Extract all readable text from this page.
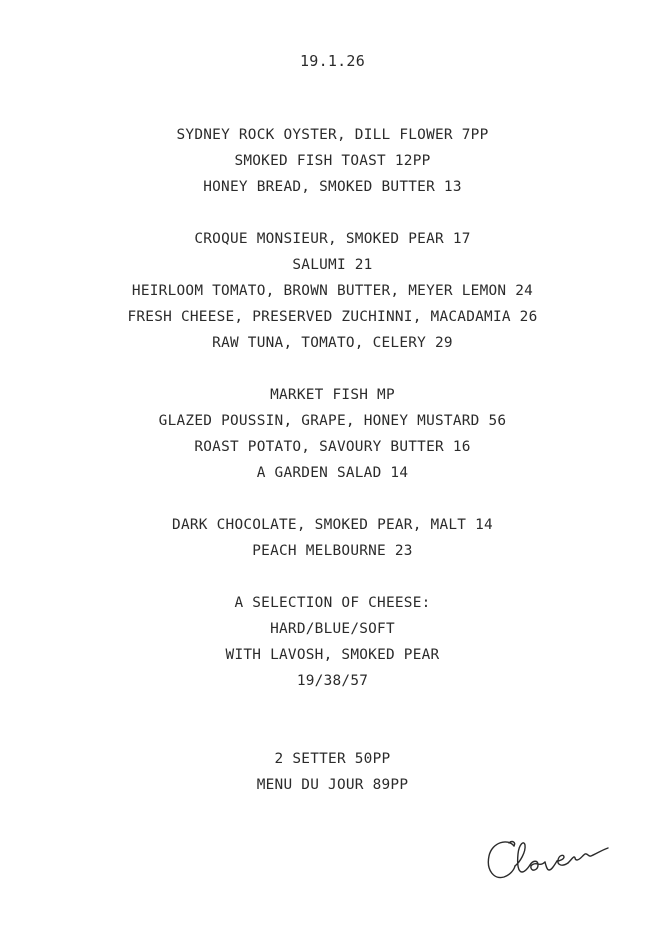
19.1.26
SYDNEY ROCK OYSTER, DILL FLOWER 7PP
SMOKED FISH TOAST 12PP
HONEY BREAD, SMOKED BUTTER 13
CROQUE MONSIEUR, SMOKED PEAR 17
SALUMI 21
HEIRLOOM TOMATO, BROWN BUTTER, MEYER LEMON 24
FRESH CHEESE, PRESERVED ZUCHINNI, MACADAMIA 26
RAW TUNA, TOMATO, CELERY 29
MARKET FISH MP
GLAZED POUSSIN, GRAPE, HONEY MUSTARD 56
ROAST POTATO, SAVOURY BUTTER 16
A GARDEN SALAD 14
DARK CHOCOLATE, SMOKED PEAR, MALT 14
PEACH MELBOURNE 23
A SELECTION OF CHEESE:
HARD/BLUE/SOFT
WITH LAVOSH, SMOKED PEAR
19/38/57
2 SETTER 50PP
MENU DU JOUR 89PP
